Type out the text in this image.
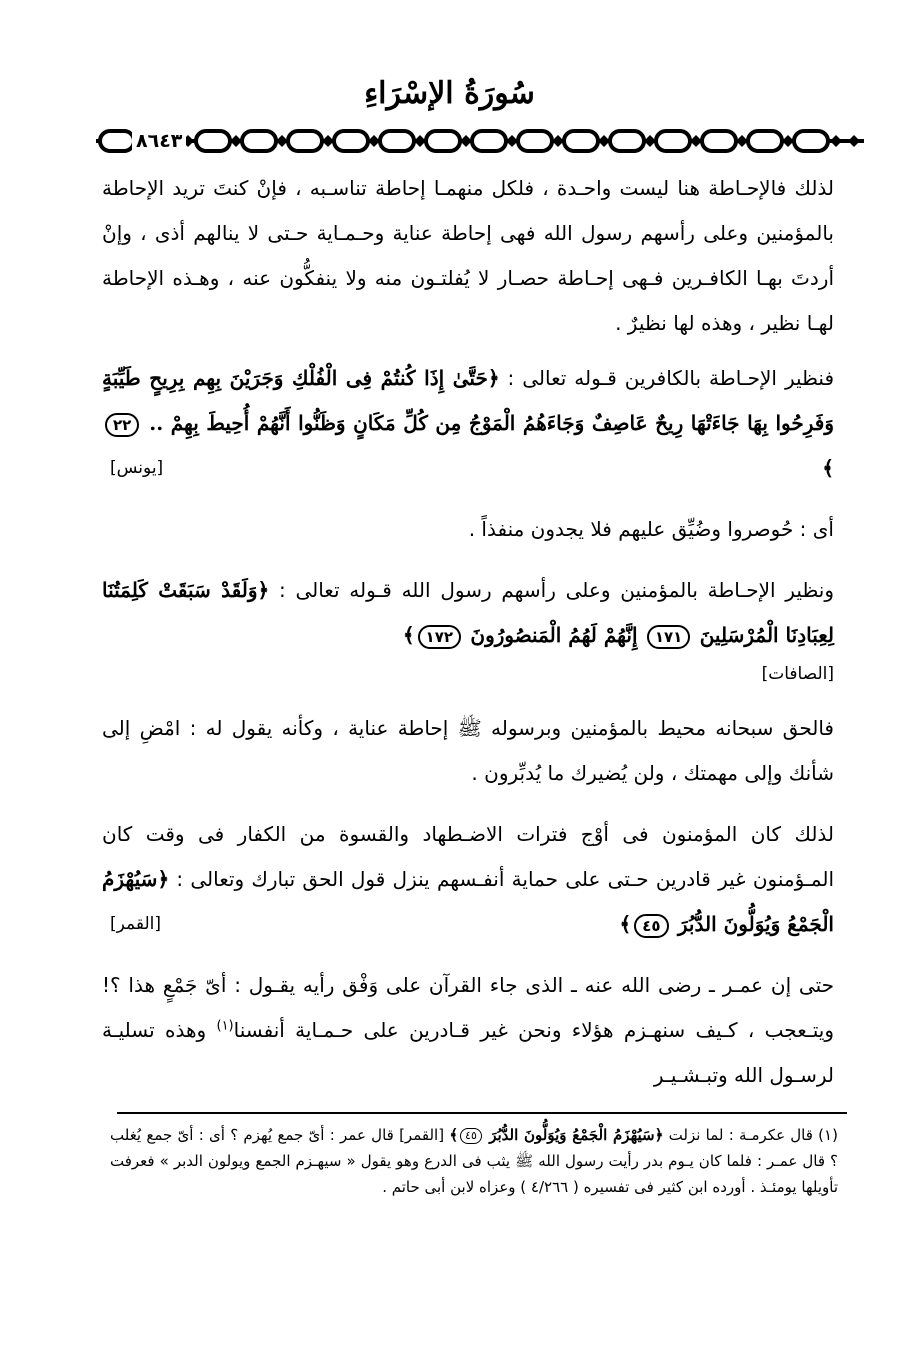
سُورَةُ الإسْرَاءِ
٨٦٤٣

لذلك فالإحـاطة هنا ليست واحـدة ، فلكل منهمـا إحاطة تناسـبه ، فإنْ كنتَ تريد الإحاطة بالمؤمنين وعلى رأسهم رسول الله فهى إحاطة عناية وحـمـاية حـتى لا ينالهم أذى ، وإنْ أردتَ بهـا الكافـرين فـهى إحـاطة حصـار لا يُفلتـون منه ولا ينفكُّون عنه ، وهـذه الإحاطة لهـا نظير ، وهذه لها نظيرٌ .

فنظير الإحـاطة بالكافرين قـوله تعالى : ﴿حَتَّىٰ إِذَا كُنتُمْ فِى الْفُلْكِ وَجَرَيْنَ بِهِم بِرِيحٍ طَيِّبَةٍ وَفَرِحُوا بِهَا جَاءَتْهَا رِيحٌ عَاصِفٌ وَجَاءَهُمُ الْمَوْجُ مِن كُلِّ مَكَانٍ وَظَنُّوا أَنَّهُمْ أُحِيطَ بِهِمْ .. ٢٢﴾
[يونس]

أى : حُوصروا وضُيِّق عليهم فلا يجدون منفذاً .

ونظير الإحـاطة بالمؤمنين وعلى رأسهم رسول الله قـوله تعالى : ﴿وَلَقَدْ سَبَقَتْ كَلِمَتُنَا لِعِبَادِنَا الْمُرْسَلِينَ ١٧١ إِنَّهُمْ لَهُمُ الْمَنصُورُونَ ١٧٢﴾

[الصافات]

فالحق سبحانه محيط بالمؤمنين وبرسوله ﷺ إحاطة عناية ، وكأنه يقول له : امْضِ إلى شأنك وإلى مهمتك ، ولن يُضيرك ما يُدبِّرون .

لذلك كان المؤمنون فى أوْج فترات الاضـطهاد والقسوة من الكفار فى وقت كان المـؤمنون غير قادرين حـتى على حماية أنفـسهم ينزل قول الحق تبارك وتعالى : ﴿سَيُهْزَمُ الْجَمْعُ وَيُوَلُّونَ الدُّبُرَ ٤٥﴾
[القمر]

حتى إن عمـر ـ رضى الله عنه ـ الذى جاء القرآن على وَفْق رأيه يقـول : أىّ جَمْعٍ هذا ؟! ويتـعجب ، كـيف سنهـزم هؤلاء ونحن غير قـادرين على حـمـاية أنفسنا$^{(١)}$ وهذه تسليـة لرسـول الله وتبـشـيـر

(١) قال عكرمـة : لما نزلت ﴿سَيُهْزَمُ الْجَمْعُ وَيُوَلُّونَ الدُّبُرَ ٤٥﴾ [القمر] قال عمر : أىّ جمع يُهزم ؟ أى : أىّ جمع يُغلب ؟ قال عمـر : فلما كان يـوم بدر رأيت رسول الله ﷺ يثب فى الدرع وهو يقول « سيهـزم الجمع ويولون الدبر » فعرفت تأويلها يومئـذ . أورده ابن كثير فى تفسيره ( ٤/٢٦٦ ) وعزاه لابن أبى حاتم .
